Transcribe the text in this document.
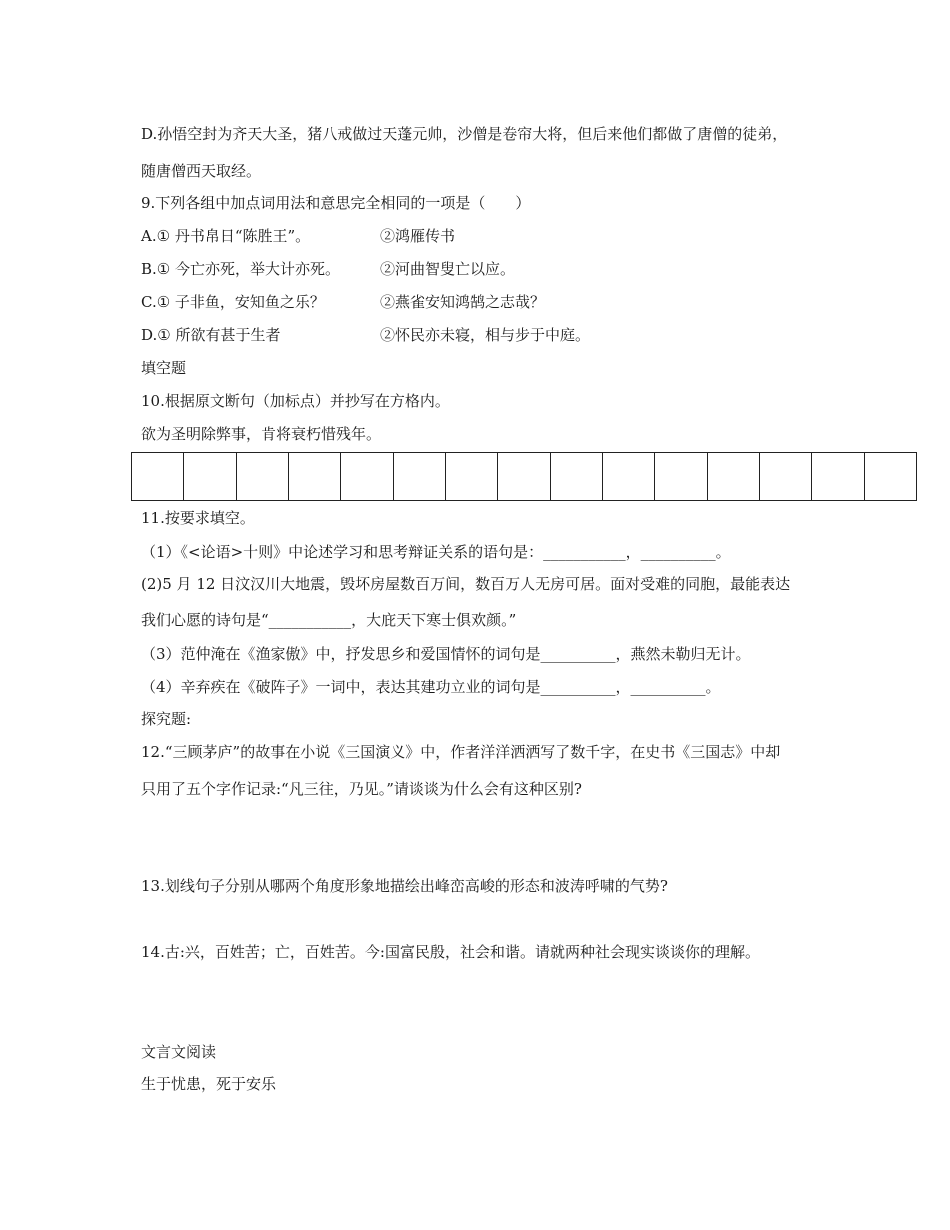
D.孙悟空封为齐天大圣，猪八戒做过天蓬元帅，沙僧是卷帘大将，但后来他们都做了唐僧的徒弟，
随唐僧西天取经。
9.下列各组中加点词用法和意思完全相同的一项是（　　）
A.① 丹书帛日“陈胜王”。	②鸿雁传书
B.① 今亡亦死，举大计亦死。	②河曲智叟亡以应。
C.① 子非鱼，安知鱼之乐？	②燕雀安知鸿鹄之志哉？
D.① 所欲有甚于生者	②怀民亦未寝，相与步于中庭。
填空题
10.根据原文断句（加标点）并抄写在方格内。
欲为圣明除弊事，肯将衰朽惜残年。
11.按要求填空。
（1）《<论语>十则》中论述学习和思考辩证关系的语句是：___________，__________。
(2)5 月 12 日汶汉川大地震，毁坏房屋数百万间，数百万人无房可居。面对受难的同胞，最能表达
我们心愿的诗句是“___________，大庇天下寒士俱欢颜。”
（3）范仲淹在《渔家傲》中，抒发思乡和爱国情怀的词句是__________，燕然未勒归无计。
（4）辛弃疾在《破阵子》一词中，表达其建功立业的词句是__________，__________。
探究题:
12.“三顾茅庐”的故事在小说《三国演义》中，作者洋洋洒洒写了数千字，在史书《三国志》中却
只用了五个字作记录:“凡三往，乃见。”请谈谈为什么会有这种区别?
13.划线句子分别从哪两个角度形象地描绘出峰峦高峻的形态和波涛呼啸的气势?
14.古:兴，百姓苦；亡，百姓苦。今:国富民殷，社会和谐。请就两种社会现实谈谈你的理解。
文言文阅读
生于忧患，死于安乐
